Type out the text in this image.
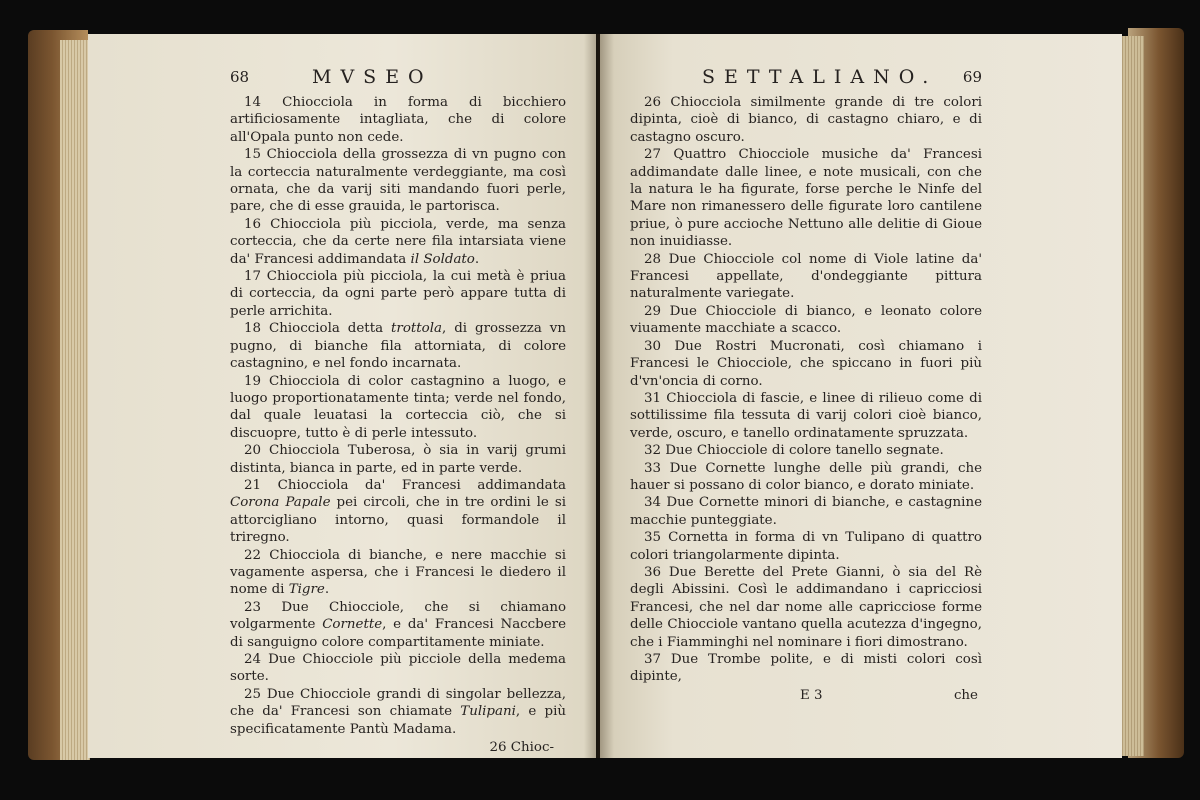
68	MVSEO

14 Chiocciola in forma di bicchiero artificiosamente intagliata, che di colore all'Opala punto non cede.

15 Chiocciola della grossezza di vn pugno con la corteccia naturalmente verdeggiante, ma così ornata, che da varij siti mandando fuori perle, pare, che di esse grauida, le partorisca.

16 Chiocciola più picciola, verde, ma senza corteccia, che da certe nere fila intarsiata viene da' Francesi addimandata il Soldato.

17 Chiocciola più picciola, la cui metà è priua di corteccia, da ogni parte però appare tutta di perle arrichita.

18 Chiocciola detta trottola, di grossezza vn pugno, di bianche fila attorniata, di colore castagnino, e nel fondo incarnata.

19 Chiocciola di color castagnino a luogo, e luogo proportionatamente tinta; verde nel fondo, dal quale leuatasi la corteccia ciò, che si discuopre, tutto è di perle intessuto.

20 Chiocciola Tuberosa, ò sia in varij grumi distinta, bianca in parte, ed in parte verde.

21 Chiocciola da' Francesi addimandata Corona Papale pei circoli, che in tre ordini le si attorcigliano intorno, quasi formandole il triregno.

22 Chiocciola di bianche, e nere macchie si vagamente aspersa, che i Francesi le diedero il nome di Tigre.

23 Due Chiocciole, che si chiamano volgarmente Cornette, e da' Francesi Naccbere di sanguigno colore compartitamente miniate.

24 Due Chiocciole più picciole della medema sorte.

25 Due Chiocciole grandi di singolar bellezza, che da' Francesi son chiamate Tulipani, e più specificatamente Pantù Madama.

26 Chioc-
SETTALIANO. 69

26 Chiocciola similmente grande di tre colori dipinta, cioè di bianco, di castagno chiaro, e di castagno oscuro.

27 Quattro Chiocciole musiche da' Francesi addimandate dalle linee, e note musicali, con che la natura le ha figurate, forse perche le Ninfe del Mare non rimanessero delle figurate loro cantilene priue, ò pure accioche Nettuno alle delitie di Gioue non inuidiasse.

28 Due Chiocciole col nome di Viole latine da' Francesi appellate, d'ondeggiante pittura naturalmente variegate.

29 Due Chiocciole di bianco, e leonato colore viuamente macchiate a scacco.

30 Due Rostri Mucronati, così chiamano i Francesi le Chiocciole, che spiccano in fuori più d'vn'oncia di corno.

31 Chiocciola di fascie, e linee di rilieuo come di sottilissime fila tessuta di varij colori cioè bianco, verde, oscuro, e tanello ordinatamente spruzzata.

32 Due Chiocciole di colore tanello segnate.

33 Due Cornette lunghe delle più grandi, che hauer si possano di color bianco, e dorato miniate.

34 Due Cornette minori di bianche, e castagnine macchie punteggiate.

35 Cornetta in forma di vn Tulipano di quattro colori triangolarmente dipinta.

36 Due Berette del Prete Gianni, ò sia del Rè degli Abissini. Così le addimandano i capricciosi Francesi, che nel dar nome alle capricciose forme delle Chiocciole vantano quella acutezza d'ingegno, che i Fiamminghi nel nominare i fiori dimostrano.

37 Due Trombe polite, e di misti colori così dipinte,

E 3	che
